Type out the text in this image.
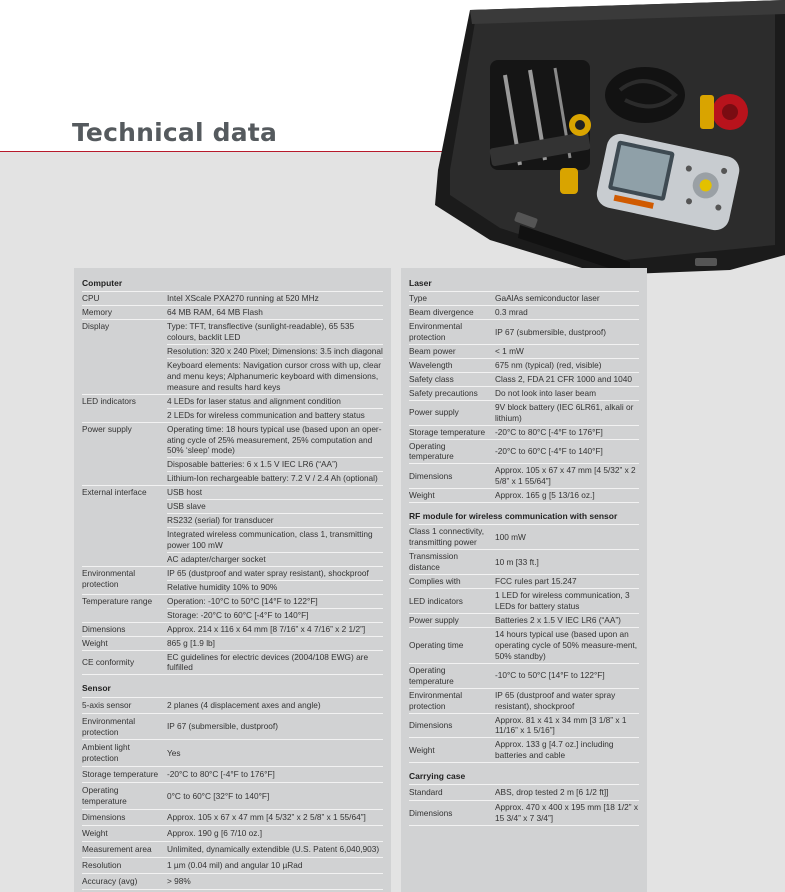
Technical data
Computer
CPU	Intel XScale PXA270 running at 520 MHz
Memory	64 MB RAM, 64 MB Flash
Display	Type: TFT, transflective (sunlight-readable), 65 535 colours, backlit LED
Resolution: 320 x 240 Pixel; Dimensions: 3.5 inch diagonal
Keyboard elements: Navigation cursor cross with up, clear and menu keys; Alphanumeric keyboard with dimensions, measure and results hard keys

LED indicators	4 LEDs for laser status and alignment condition
2 LEDs for wireless communication and battery status

Power supply	Operating time: 18 hours typical use (based upon an oper-ating cycle of 25% measurement, 25% computation and 50% ‘sleep’ mode)
Disposable batteries: 6 x 1.5 V IEC LR6 (“AA”)
Lithium-Ion rechargeable battery: 7.2 V / 2.4 Ah (optional)

External interface	USB host
USB slave
RS232 (serial) for transducer
Integrated wireless communication, class 1, transmitting power 100 mW
AC adapter/charger socket

Environmental protection	IP 65 (dustproof and water spray resistant), shockproof
Relative humidity 10% to 90%

Temperature range	Operation: -10°C to 50°C [14°F to 122°F]
Storage: -20°C to 60°C [-4°F to 140°F]

Dimensions	Approx. 214 x 116 x 64 mm [8 7/16” x 4 7/16” x 2 1/2”]
Weight	865 g [1.9 lb]
CE conformity	EC guidelines for electric devices (2004/108 EWG) are fulfilled
Sensor
5-axis sensor	2 planes (4 displacement axes and angle)
Environmental protection	IP 67 (submersible, dustproof)
Ambient light protection	Yes
Storage temperature	-20°C to 80°C [-4°F to 176°F]
Operating temperature	0°C to 60°C [32°F to 140°F]
Dimensions	Approx. 105 x 67 x 47 mm [4 5/32” x 2 5/8” x 1 55/64”]
Weight	Approx. 190 g [6 7/10 oz.]
Measurement area	Unlimited, dynamically extendible (U.S. Patent 6,040,903)
Resolution	1 µm (0.04 mil) and angular 10 µRad
Accuracy (avg)	> 98%
Laser
Type	GaAlAs semiconductor laser
Beam divergence	0.3 mrad
Environmental protection	IP 67 (submersible, dustproof)
Beam power	< 1 mW
Wavelength	675 nm (typical) (red, visible)
Safety class	Class 2, FDA 21 CFR 1000 and 1040
Safety precautions	Do not look into laser beam
Power supply	9V block battery (IEC 6LR61, alkali or lithium)
Storage temperature	-20°C to 80°C [-4°F to 176°F]
Operating temperature	-20°C to 60°C [-4°F to 140°F]
Dimensions	Approx. 105 x 67 x 47 mm [4 5/32” x 2 5/8” x 1 55/64”]
Weight	Approx. 165 g [5 13/16 oz.]
RF module for wireless communication with sensor
Class 1 connectivity, transmitting power	100 mW
Transmission distance	10 m [33 ft.]
Complies with	FCC rules part 15.247
LED indicators	1 LED for wireless communication, 3 LEDs for battery status
Power supply	Batteries 2 x 1.5 V IEC LR6 (“AA”)
Operating time	14 hours typical use (based upon an operating cycle of 50% measure-ment, 50% standby)
Operating temperature	-10°C to 50°C [14°F to 122°F]
Environmental protection	IP 65 (dustproof and water spray resistant), shockproof
Dimensions	Approx. 81 x 41 x 34 mm [3 1/8” x 1 11/16” x 1 5/16”]
Weight	Approx. 133 g [4.7 oz.] including batteries and cable
Carrying case
Standard	ABS, drop tested 2 m [6 1/2 ft]]
Dimensions	Approx. 470 x 400 x 195 mm [18 1/2” x 15 3/4” x 7 3/4”]
